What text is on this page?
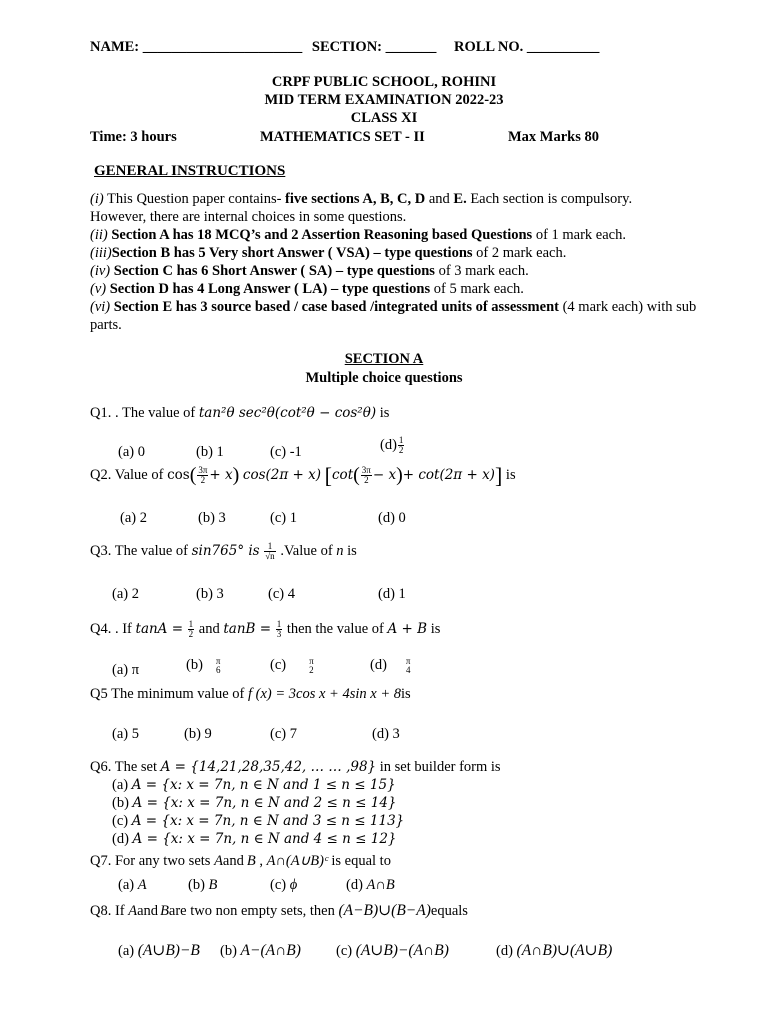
NAME: ______________________ SECTION: _______ ROLL NO. __________
CRPF PUBLIC SCHOOL, ROHINI
MID TERM EXAMINATION 2022-23
CLASS XI
Time: 3 hours	MATHEMATICS SET - II	Max Marks 80
GENERAL INSTRUCTIONS
(i) This Question paper contains- five sections A, B, C, D and E. Each section is compulsory.
However, there are internal choices in some questions.
(ii) Section A has 18 MCQ’s and 2 Assertion Reasoning based Questions of 1 mark each.
(iii)Section B has 5 Very short Answer ( VSA) – type questions of 2 mark each.
(iv) Section C has 6 Short Answer ( SA) – type questions of 3 mark each.
(v) Section D has 4 Long Answer ( LA) – type questions of 5 mark each.
(vi) Section E has 3 source based / case based /integrated units of assessment (4 mark each) with sub
parts.
SECTION A
Multiple choice questions
Q1. . The value of tan²θ sec²θ(cot²θ − cos²θ) is
(a) 0	(b) 1	(c) -1	$(d) \frac{1}{2}$
Q2. Value of $\cos( \frac{3\pi}{2} + x)$ cos(2π + x) $[\cot( \frac{3\pi}{2} - x)+ \cot(2\pi + x)]$ is
(a) 2	(b) 3	(c) 1	(d) 0
Q3. The value of sin765° is $\frac{1}{√n}$ .Value of n is
(a) 2	(b) 3	(c) 4	(d) 1
Q4. . If $\tan A = \frac{1}{2}$ and $\tan B = \frac{1}{3}$ then the value of A + B is
(a) π	(b) π
6	(c)	π
2	(d) π
4
Q5 The minimum value of f (x) = 3cos x + 4sin x + 8is
(a) 5	(b) 9	(c) 7	(d) 3
Q6. The set A = {14,21,28,35,42, … … ,98} in set builder form is
(a) A = {x: x = 7n, n ∈ N and 1 ≤ n ≤ 15}
(b) A = {x: x = 7n, n ∈ N and 2 ≤ n ≤ 14}
(c) A = {x: x = 7n, n ∈ N and 3 ≤ n ≤ 113}
(d) A = {x: x = 7n, n ∈ N and 4 ≤ n ≤ 12}
Q7. For any two sets Aand B , A∩(A∪B)ᶜ is equal to
(a) A	(b) B	(c) ϕ	(d) A∩B
Q8. If Aand Bare two non empty sets, then (A−B)∪(B−A)equals
(a) (A∪B)−B (b) A−(A∩B) (c) (A∪B)−(A∩B)	(d) (A∩B)∪(A∪B)
